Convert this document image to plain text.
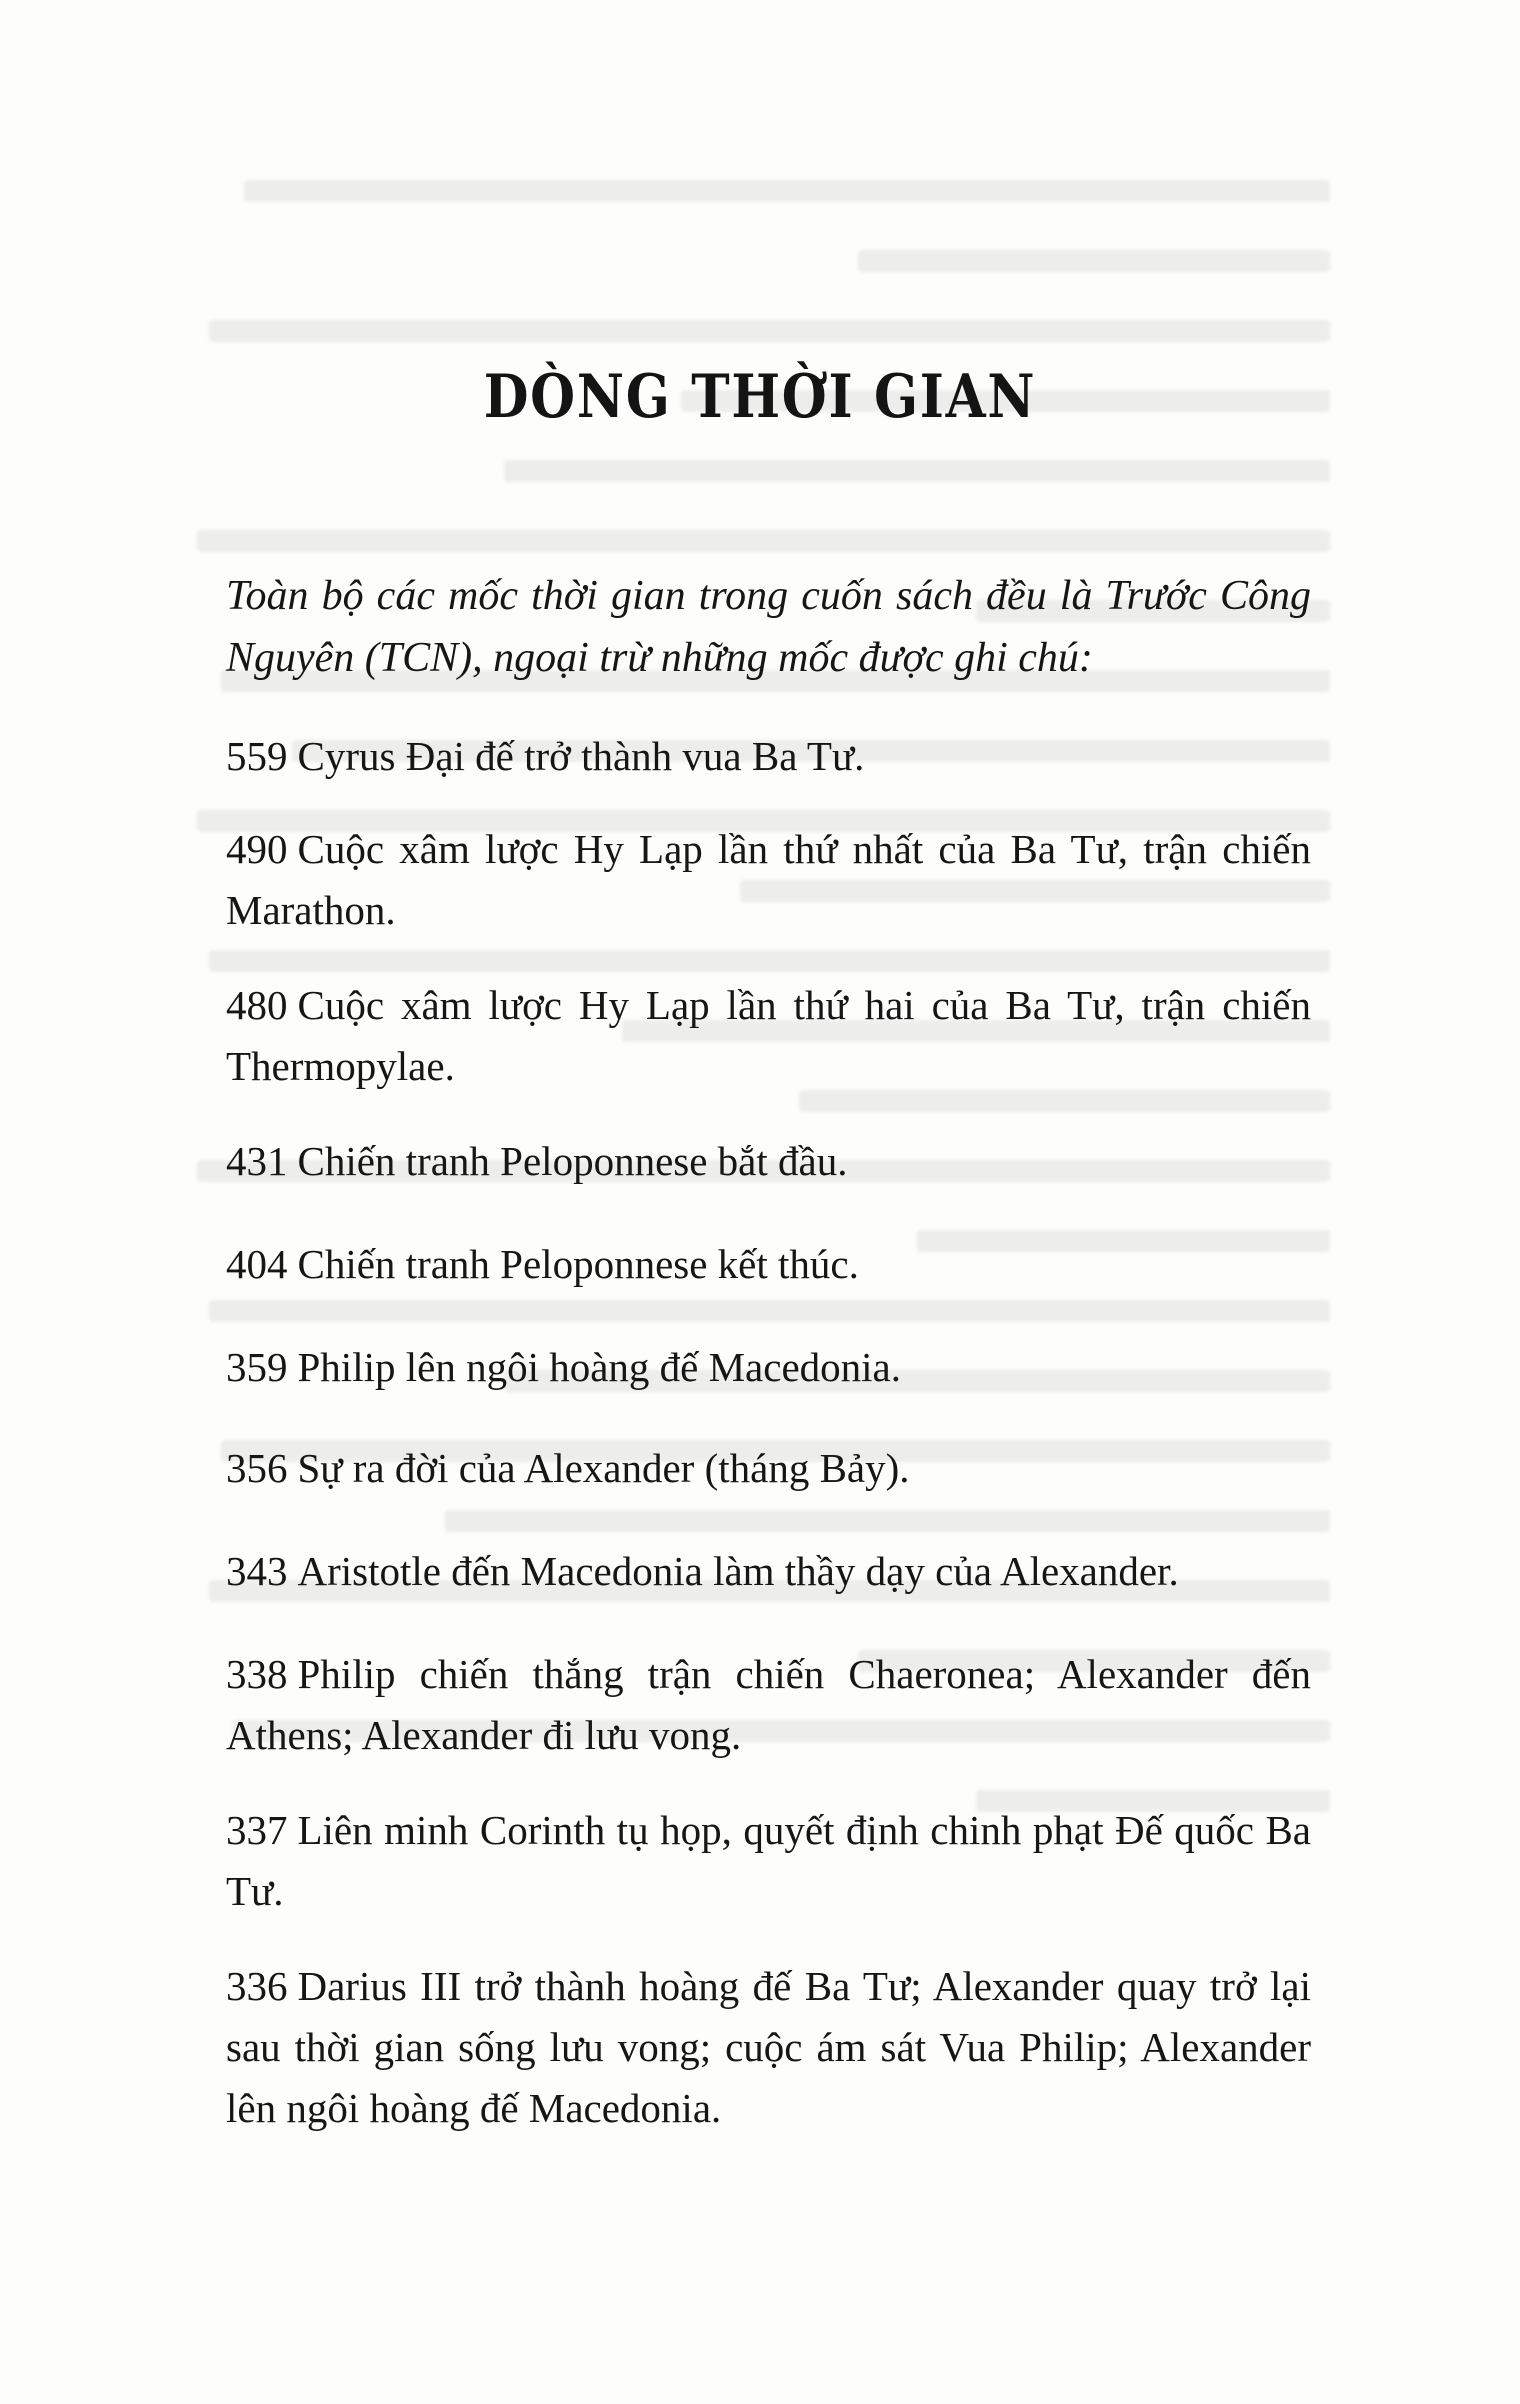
DÒNG THỜI GIAN

Toàn bộ các mốc thời gian trong cuốn sách đều là Trước Công Nguyên (TCN), ngoại trừ những mốc được ghi chú:

559 Cyrus Đại đế trở thành vua Ba Tư.
490 Cuộc xâm lược Hy Lạp lần thứ nhất của Ba Tư, trận chiến Marathon.
480 Cuộc xâm lược Hy Lạp lần thứ hai của Ba Tư, trận chiến Thermopylae.
431 Chiến tranh Peloponnese bắt đầu.
404 Chiến tranh Peloponnese kết thúc.
359 Philip lên ngôi hoàng đế Macedonia.
356 Sự ra đời của Alexander (tháng Bảy).
343 Aristotle đến Macedonia làm thầy dạy của Alexander.
338 Philip chiến thắng trận chiến Chaeronea; Alexander đến Athens; Alexander đi lưu vong.
337 Liên minh Corinth tụ họp, quyết định chinh phạt Đế quốc Ba Tư.
336 Darius III trở thành hoàng đế Ba Tư; Alexander quay trở lại sau thời gian sống lưu vong; cuộc ám sát Vua Philip; Alexander lên ngôi hoàng đế Macedonia.
